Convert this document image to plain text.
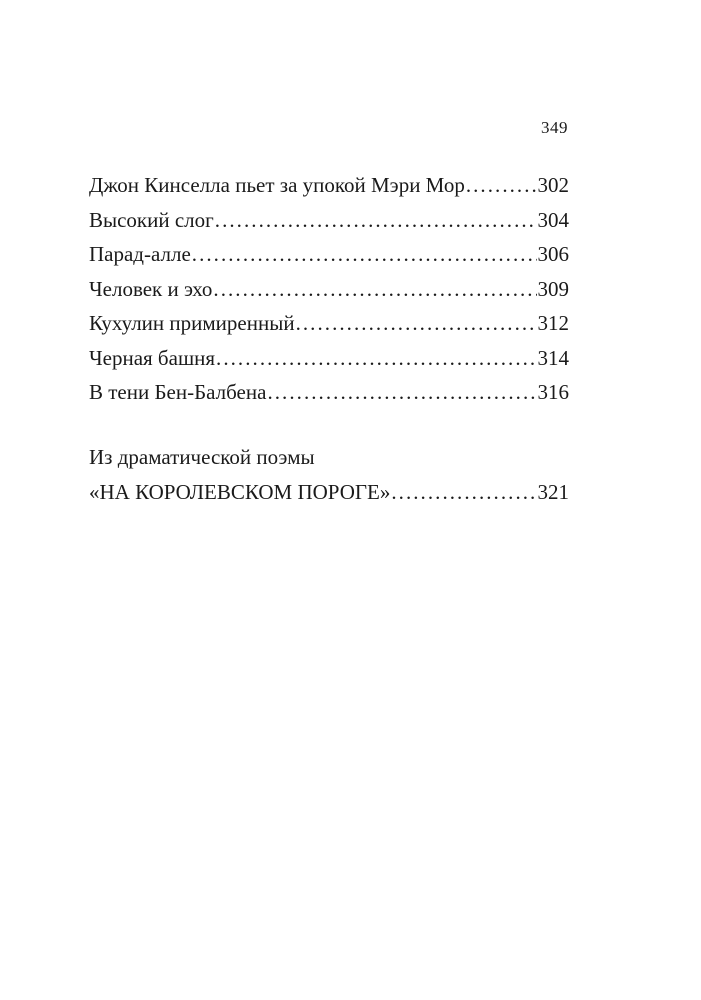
349
Джон Кинселла пьет за упокой Мэри Мор . . .	302
Высокий слог . . .	304
Парад-алле . . .	306
Человек и эхо . . .	309
Кухулин примиренный . . .	312
Черная башня . . .	314
В тени Бен-Балбена . . .	316
Из драматической поэмы
«НА КОРОЛЕВСКОМ ПОРОГЕ» . . .	321
